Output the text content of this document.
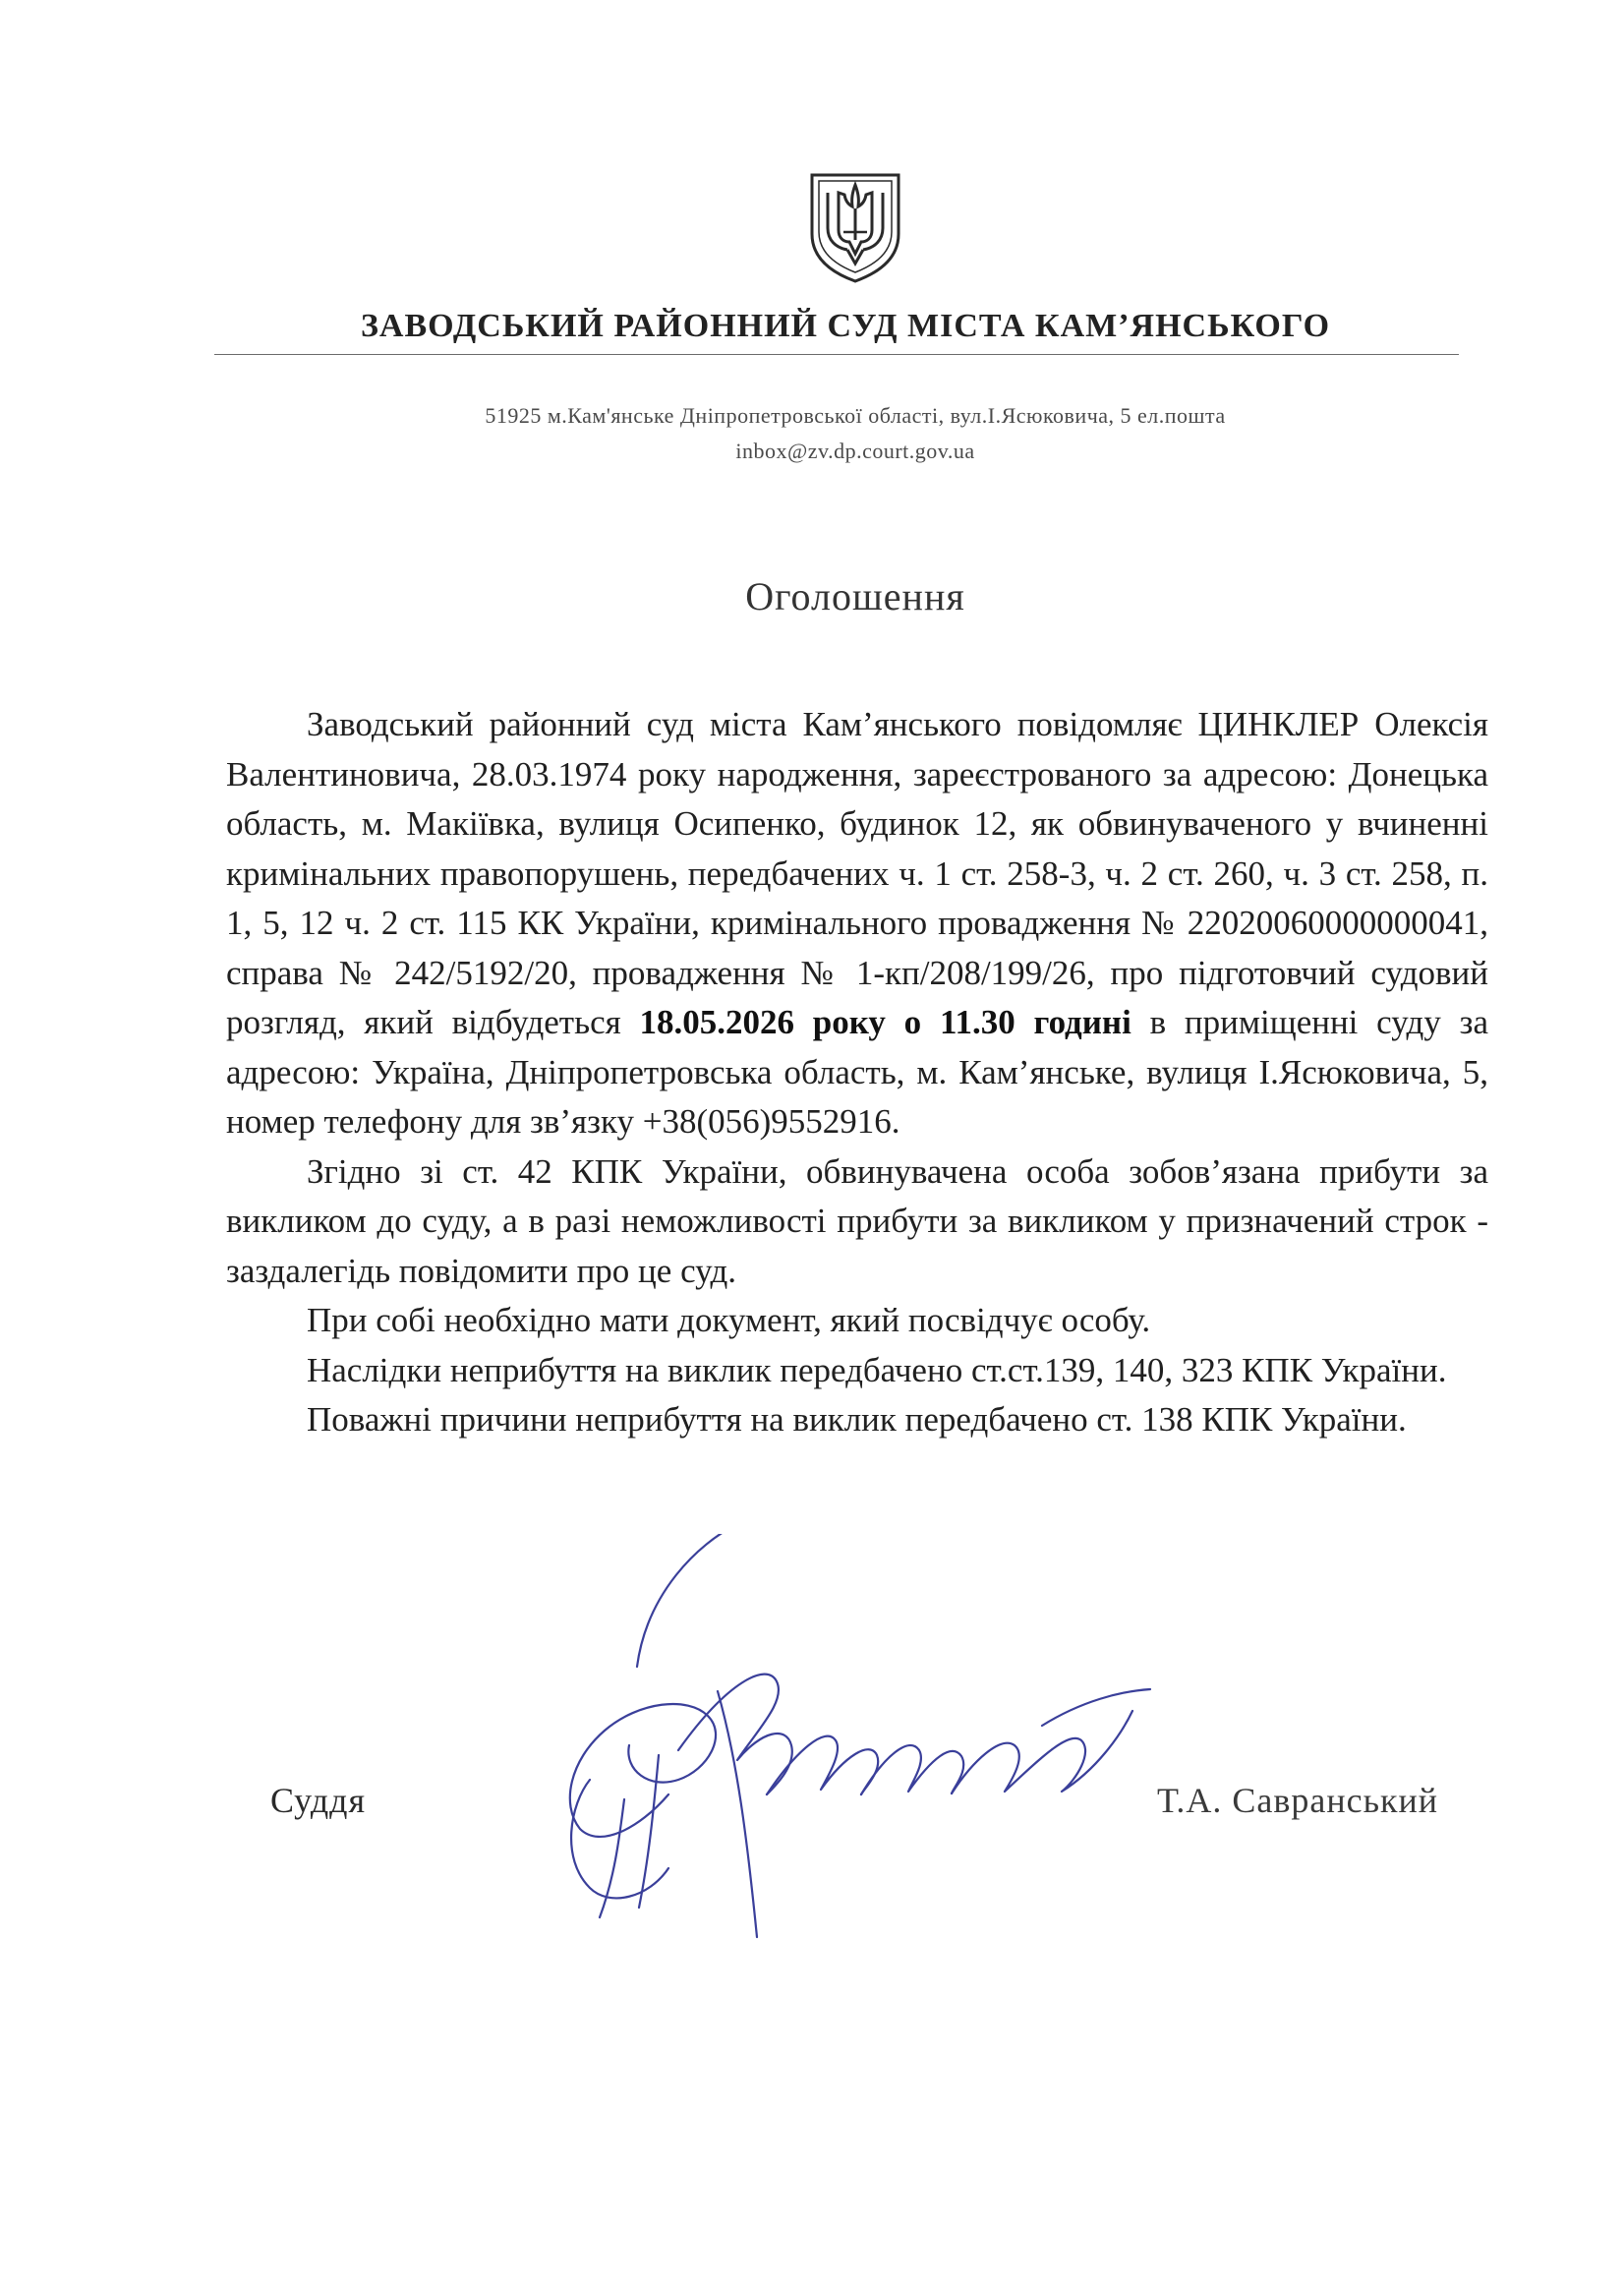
ЗАВОДСЬКИЙ РАЙОННИЙ СУД МІСТА КАМ’ЯНСЬКОГО
51925 м.Кам'янське Дніпропетровської області, вул.І.Ясюковича, 5 ел.пошта
inbox@zv.dp.court.gov.ua
Оголошення

Заводський районний суд міста Кам’янського повідомляє ЦИНКЛЕР Олексія Валентиновича, 28.03.1974 року народження, зареєстрованого за адресою: Донецька область, м. Макіївка, вулиця Осипенко, будинок 12, як обвинуваченого у вчиненні кримінальних правопорушень, передбачених ч. 1 ст. 258-3, ч. 2 ст. 260, ч. 3 ст. 258, п. 1, 5, 12 ч. 2 ст. 115 КК України, кримінального провадження № 22020060000000041, справа № 242/5192/20, провадження № 1-кп/208/199/26, про підготовчий судовий розгляд, який відбудеться 18.05.2026 року о 11.30 годині в приміщенні суду за адресою: Україна, Дніпропетровська область, м. Кам’янське, вулиця І.Ясюковича, 5, номер телефону для зв’язку +38(056)9552916.

Згідно зі ст. 42 КПК України, обвинувачена особа зобов’язана прибути за викликом до суду, а в разі неможливості прибути за викликом у призначений строк - заздалегідь повідомити про це суд.

При собі необхідно мати документ, який посвідчує особу.

Наслідки неприбуття на виклик передбачено ст.ст.139, 140, 323 КПК України.

Поважні причини неприбуття на виклик передбачено ст. 138 КПК України.

Суддя	Т.А. Савранський
